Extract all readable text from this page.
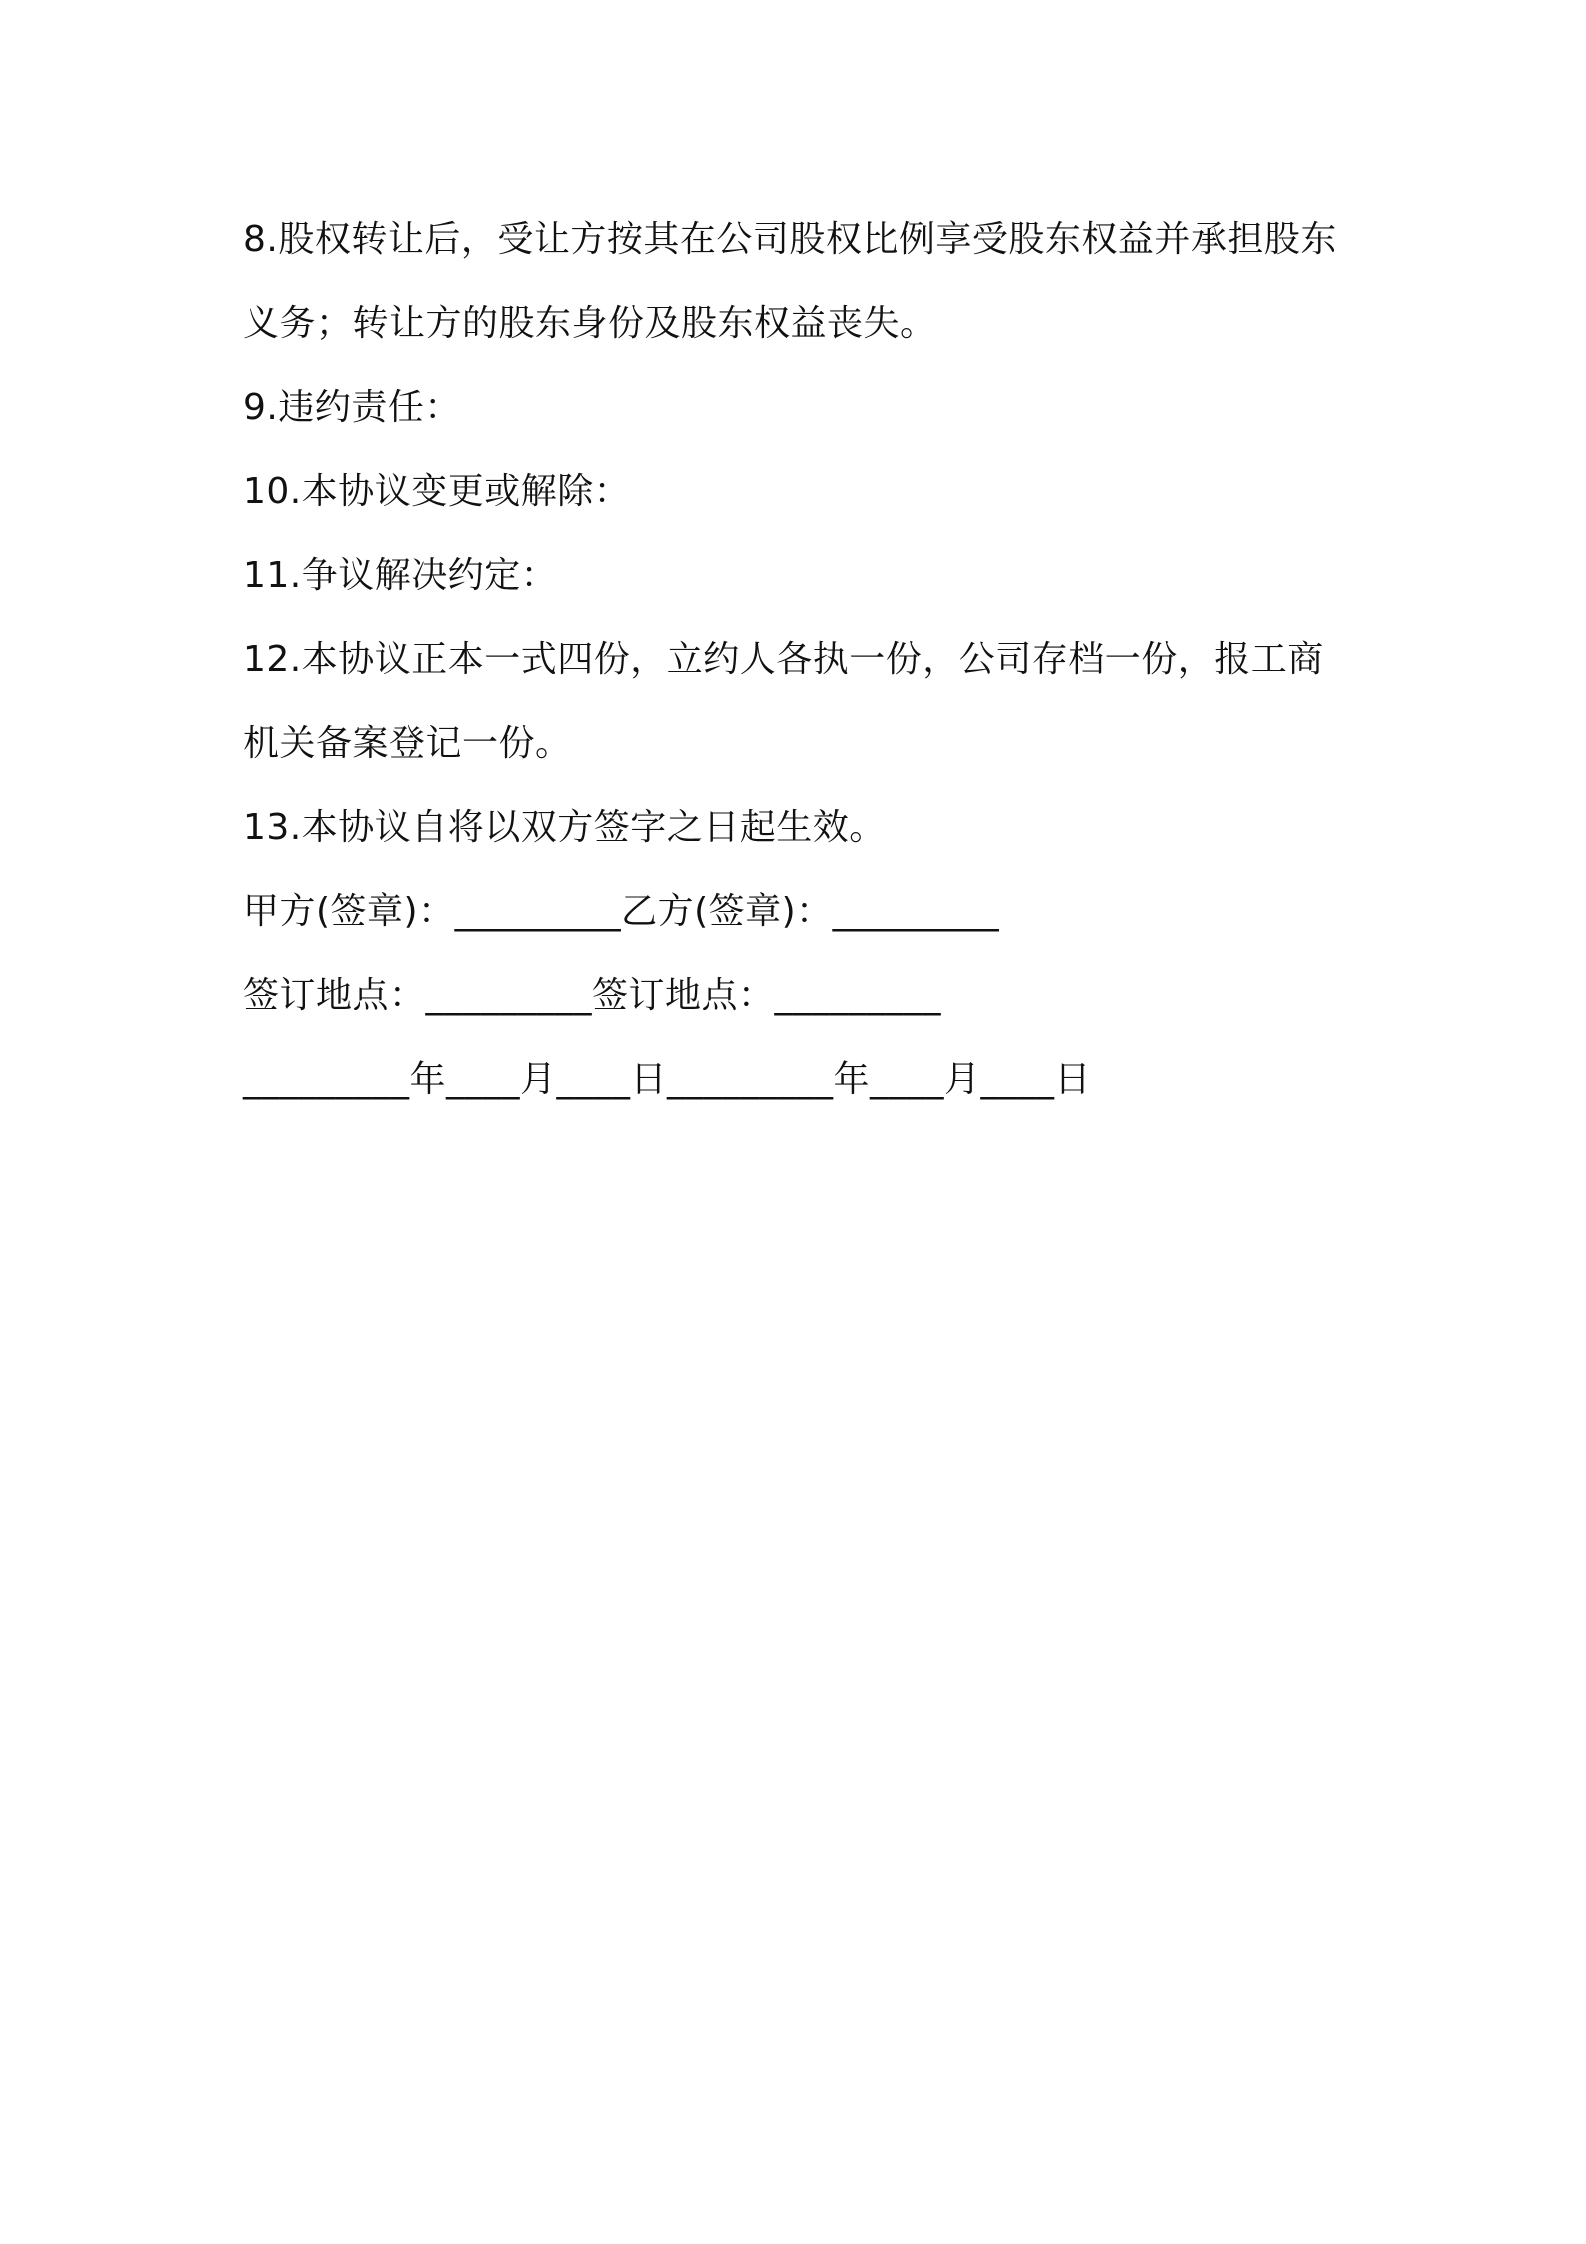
8.股权转让后，受让方按其在公司股权比例享受股东权益并承担股东
义务；转让方的股东身份及股东权益丧失。
9.违约责任：
10.本协议变更或解除：
11.争议解决约定：
12.本协议正本一式四份，立约人各执一份，公司存档一份，报工商
机关备案登记一份。
13.本协议自将以双方签字之日起生效。
甲方(签章)：_________乙方(签章)：_________
签订地点：_________签订地点：_________
_________年____月____日_________年____月____日
